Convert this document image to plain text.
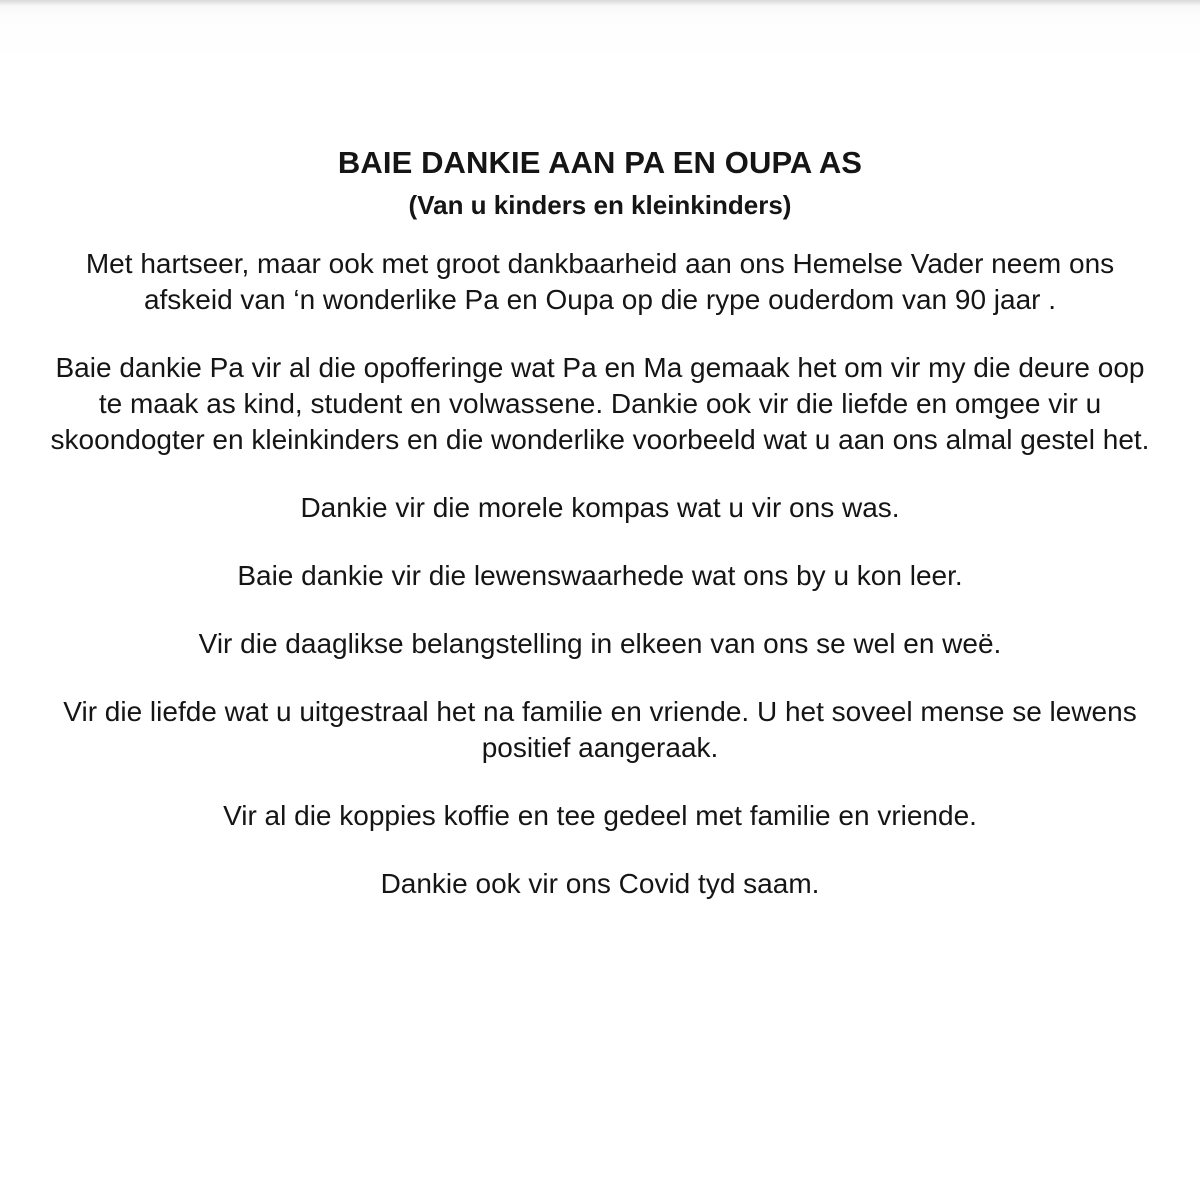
BAIE DANKIE AAN PA EN OUPA AS
(Van u kinders en kleinkinders)

Met hartseer, maar ook met groot dankbaarheid aan ons Hemelse Vader neem ons afskeid van ‘n wonderlike Pa en Oupa op die rype ouderdom van 90 jaar .

Baie dankie Pa vir al die opofferinge wat Pa en Ma gemaak het om vir my die deure oop te maak as kind, student en volwassene. Dankie ook vir die liefde en omgee vir u skoondogter en kleinkinders en die wonderlike voorbeeld wat u aan ons almal gestel het.

Dankie vir die morele kompas wat u vir ons was.

Baie dankie vir die lewenswaarhede wat ons by u kon leer.

Vir die daaglikse belangstelling in elkeen van ons se wel en weë.

Vir die liefde wat u uitgestraal het na familie en vriende. U het soveel mense se lewens positief aangeraak.

Vir al die koppies koffie en tee gedeel met familie en vriende.

Dankie ook vir ons Covid tyd saam.
